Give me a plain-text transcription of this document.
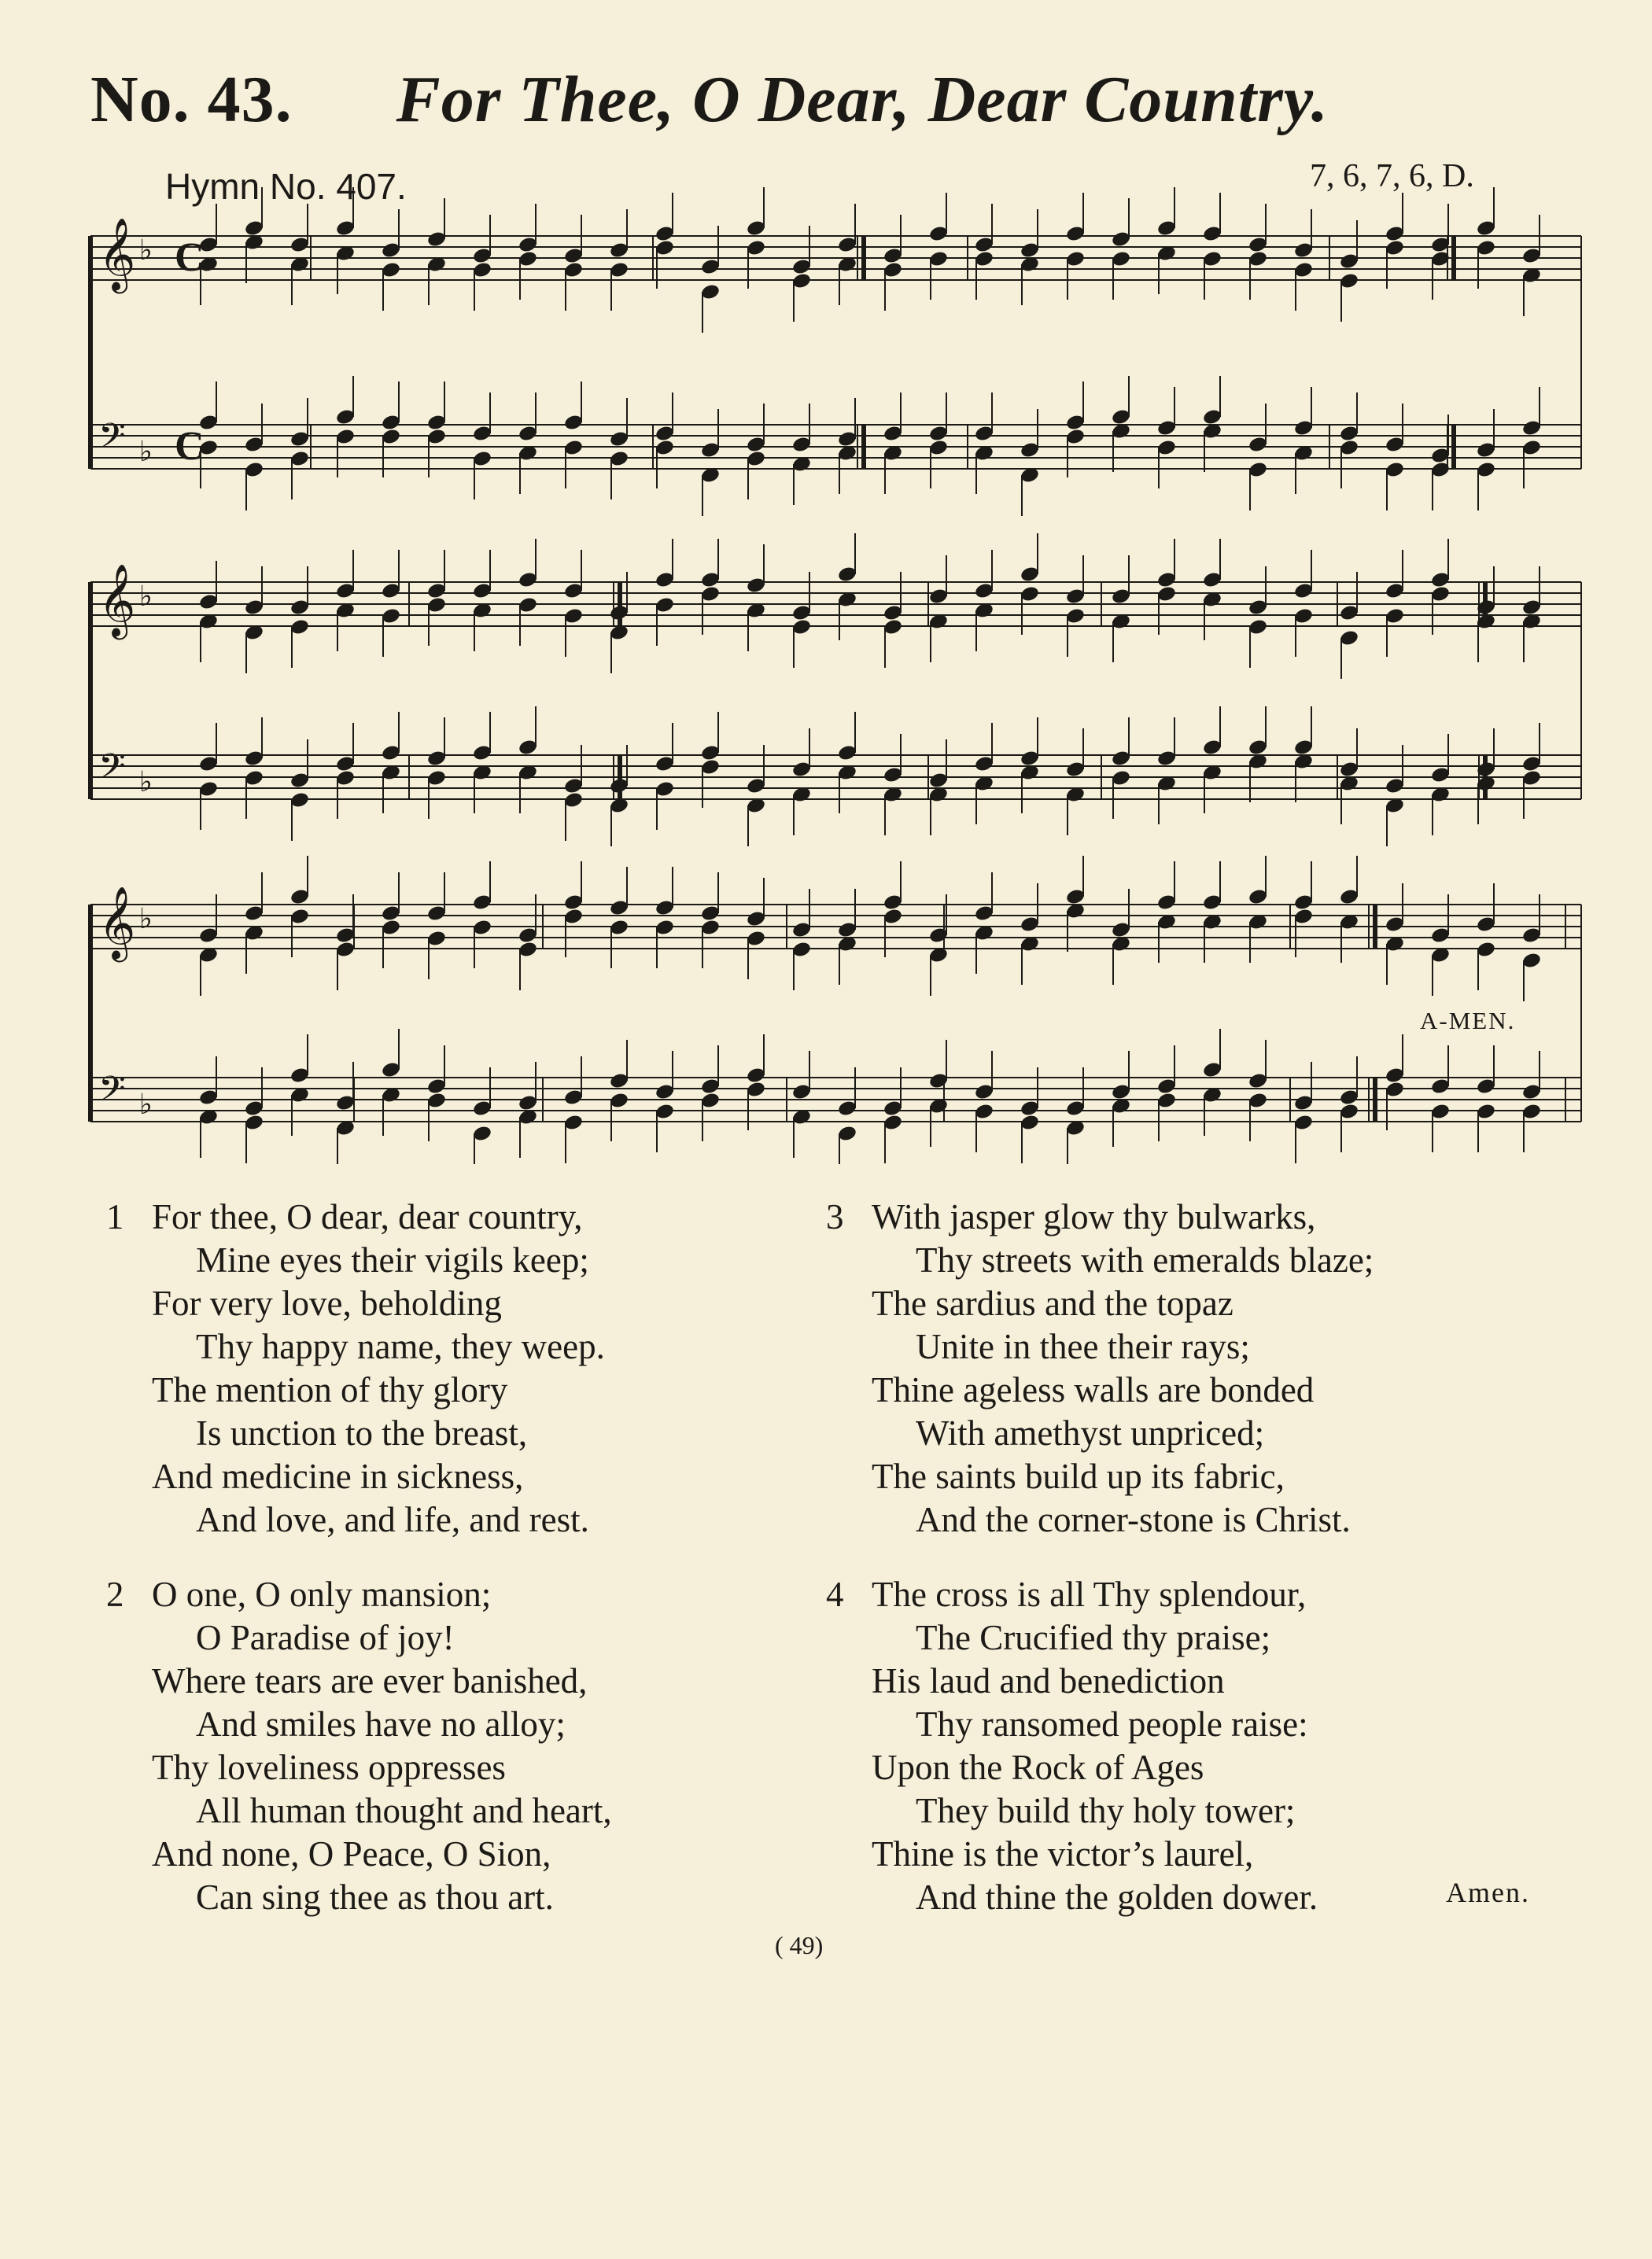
No. 43. For Thee, O Dear, Dear Country.
Hymn No. 407.	7, 6, 7, 6, D.
𝄞 ♭
𝄢 ♭
𝄞 ♭
𝄢 ♭
𝄞 ♭
𝄢 ♭
C
C
A-MEN.
1 For thee, O dear, dear country,
Mine eyes their vigils keep;
For very love, beholding
Thy happy name, they weep.
The mention of thy glory
Is unction to the breast,
And medicine in sickness,
And love, and life, and rest.
2 O one, O only mansion;
O Paradise of joy!
Where tears are ever banished,
And smiles have no alloy;
Thy loveliness oppresses
All human thought and heart,
And none, O Peace, O Sion,
Can sing thee as thou art.
3 With jasper glow thy bulwarks,
Thy streets with emeralds blaze;
The sardius and the topaz
Unite in thee their rays;
Thine ageless walls are bonded
With amethyst unpriced;
The saints build up its fabric,
And the corner-stone is Christ.
4 The cross is all Thy splendour,
The Crucified thy praise;
His laud and benediction
Thy ransomed people raise:
Upon the Rock of Ages
They build thy holy tower;
Thine is the victor’s laurel,
And thine the golden dower.	Amen.
( 49)
